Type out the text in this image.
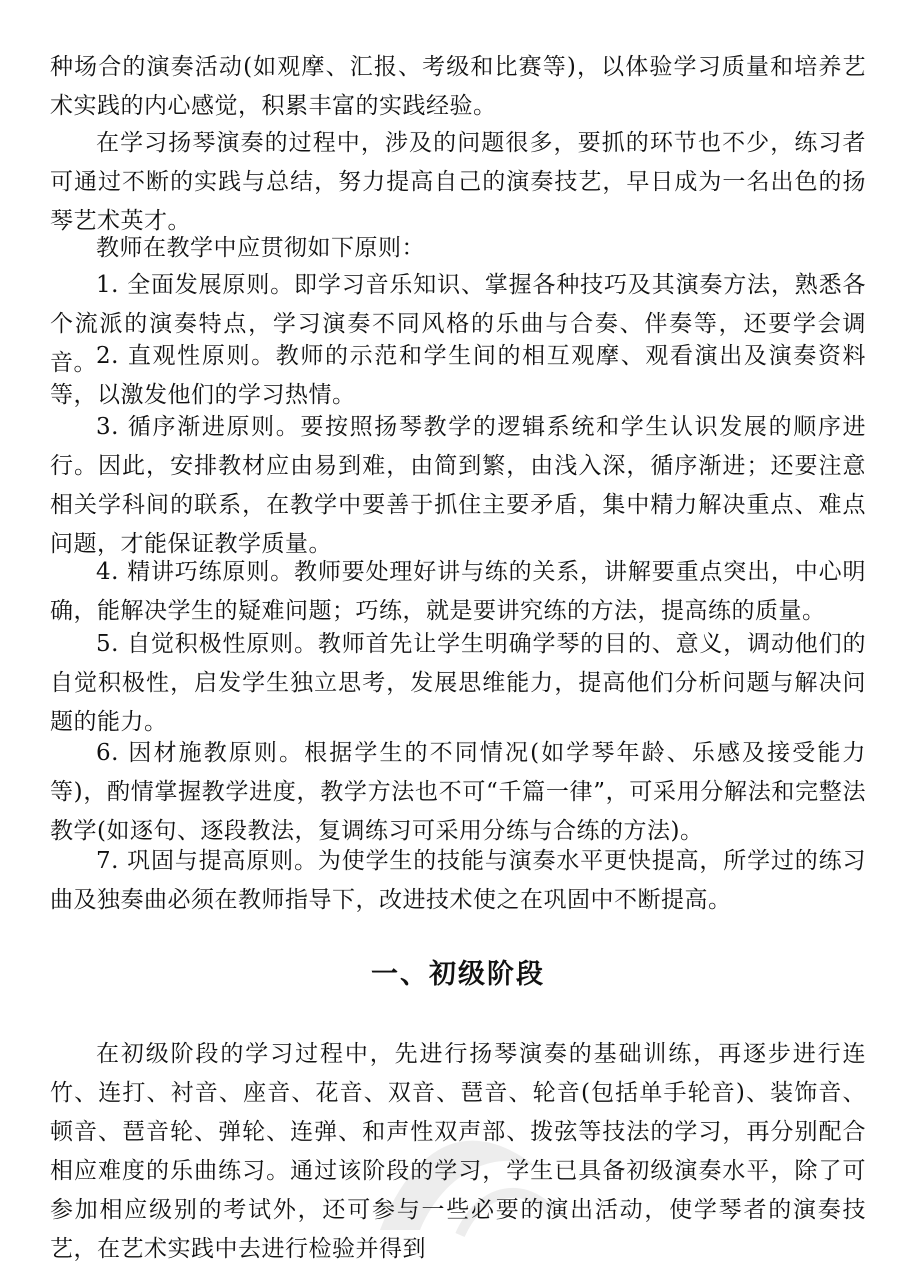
种场合的演奏活动(如观摩、汇报、考级和比赛等)，以体验学习质量和培养艺术实践的内心感觉，积累丰富的实践经验。

在学习扬琴演奏的过程中，涉及的问题很多，要抓的环节也不少，练习者可通过不断的实践与总结，努力提高自己的演奏技艺，早日成为一名出色的扬琴艺术英才。

教师在教学中应贯彻如下原则：

1. 全面发展原则。即学习音乐知识、掌握各种技巧及其演奏方法，熟悉各个流派的演奏特点，学习演奏不同风格的乐曲与合奏、伴奏等，还要学会调音。 2. 直观性原则。教师的示范和学生间的相互观摩、观看演出及演奏资料等，以激发他们的学习热情。

3. 循序渐进原则。要按照扬琴教学的逻辑系统和学生认识发展的顺序进行。因此，安排教材应由易到难，由简到繁，由浅入深，循序渐进；还要注意相关学科间的联系，在教学中要善于抓住主要矛盾，集中精力解决重点、难点问题，才能保证教学质量。

4. 精讲巧练原则。教师要处理好讲与练的关系，讲解要重点突出，中心明确，能解决学生的疑难问题；巧练，就是要讲究练的方法，提高练的质量。

5. 自觉积极性原则。教师首先让学生明确学琴的目的、意义，调动他们的自觉积极性，启发学生独立思考，发展思维能力，提高他们分析问题与解决问题的能力。

6. 因材施教原则。根据学生的不同情况(如学琴年龄、乐感及接受能力等)，酌情掌握教学进度，教学方法也不可“千篇一律”，可采用分解法和完整法教学(如逐句、逐段教法，复调练习可采用分练与合练的方法)。

7. 巩固与提高原则。为使学生的技能与演奏水平更快提高，所学过的练习曲及独奏曲必须在教师指导下，改进技术使之在巩固中不断提高。

一、初级阶段

在初级阶段的学习过程中，先进行扬琴演奏的基础训练，再逐步进行连竹、连打、衬音、座音、花音、双音、琶音、轮音(包括单手轮音)、装饰音、顿音、琶音轮、弹轮、连弹、和声性双声部、拨弦等技法的学习，再分别配合相应难度的乐曲练习。通过该阶段的学习，学生已具备初级演奏水平，除了可参加相应级别的考试外，还可参与一些必要的演出活动，使学琴者的演奏技艺，在艺术实践中去进行检验并得到
